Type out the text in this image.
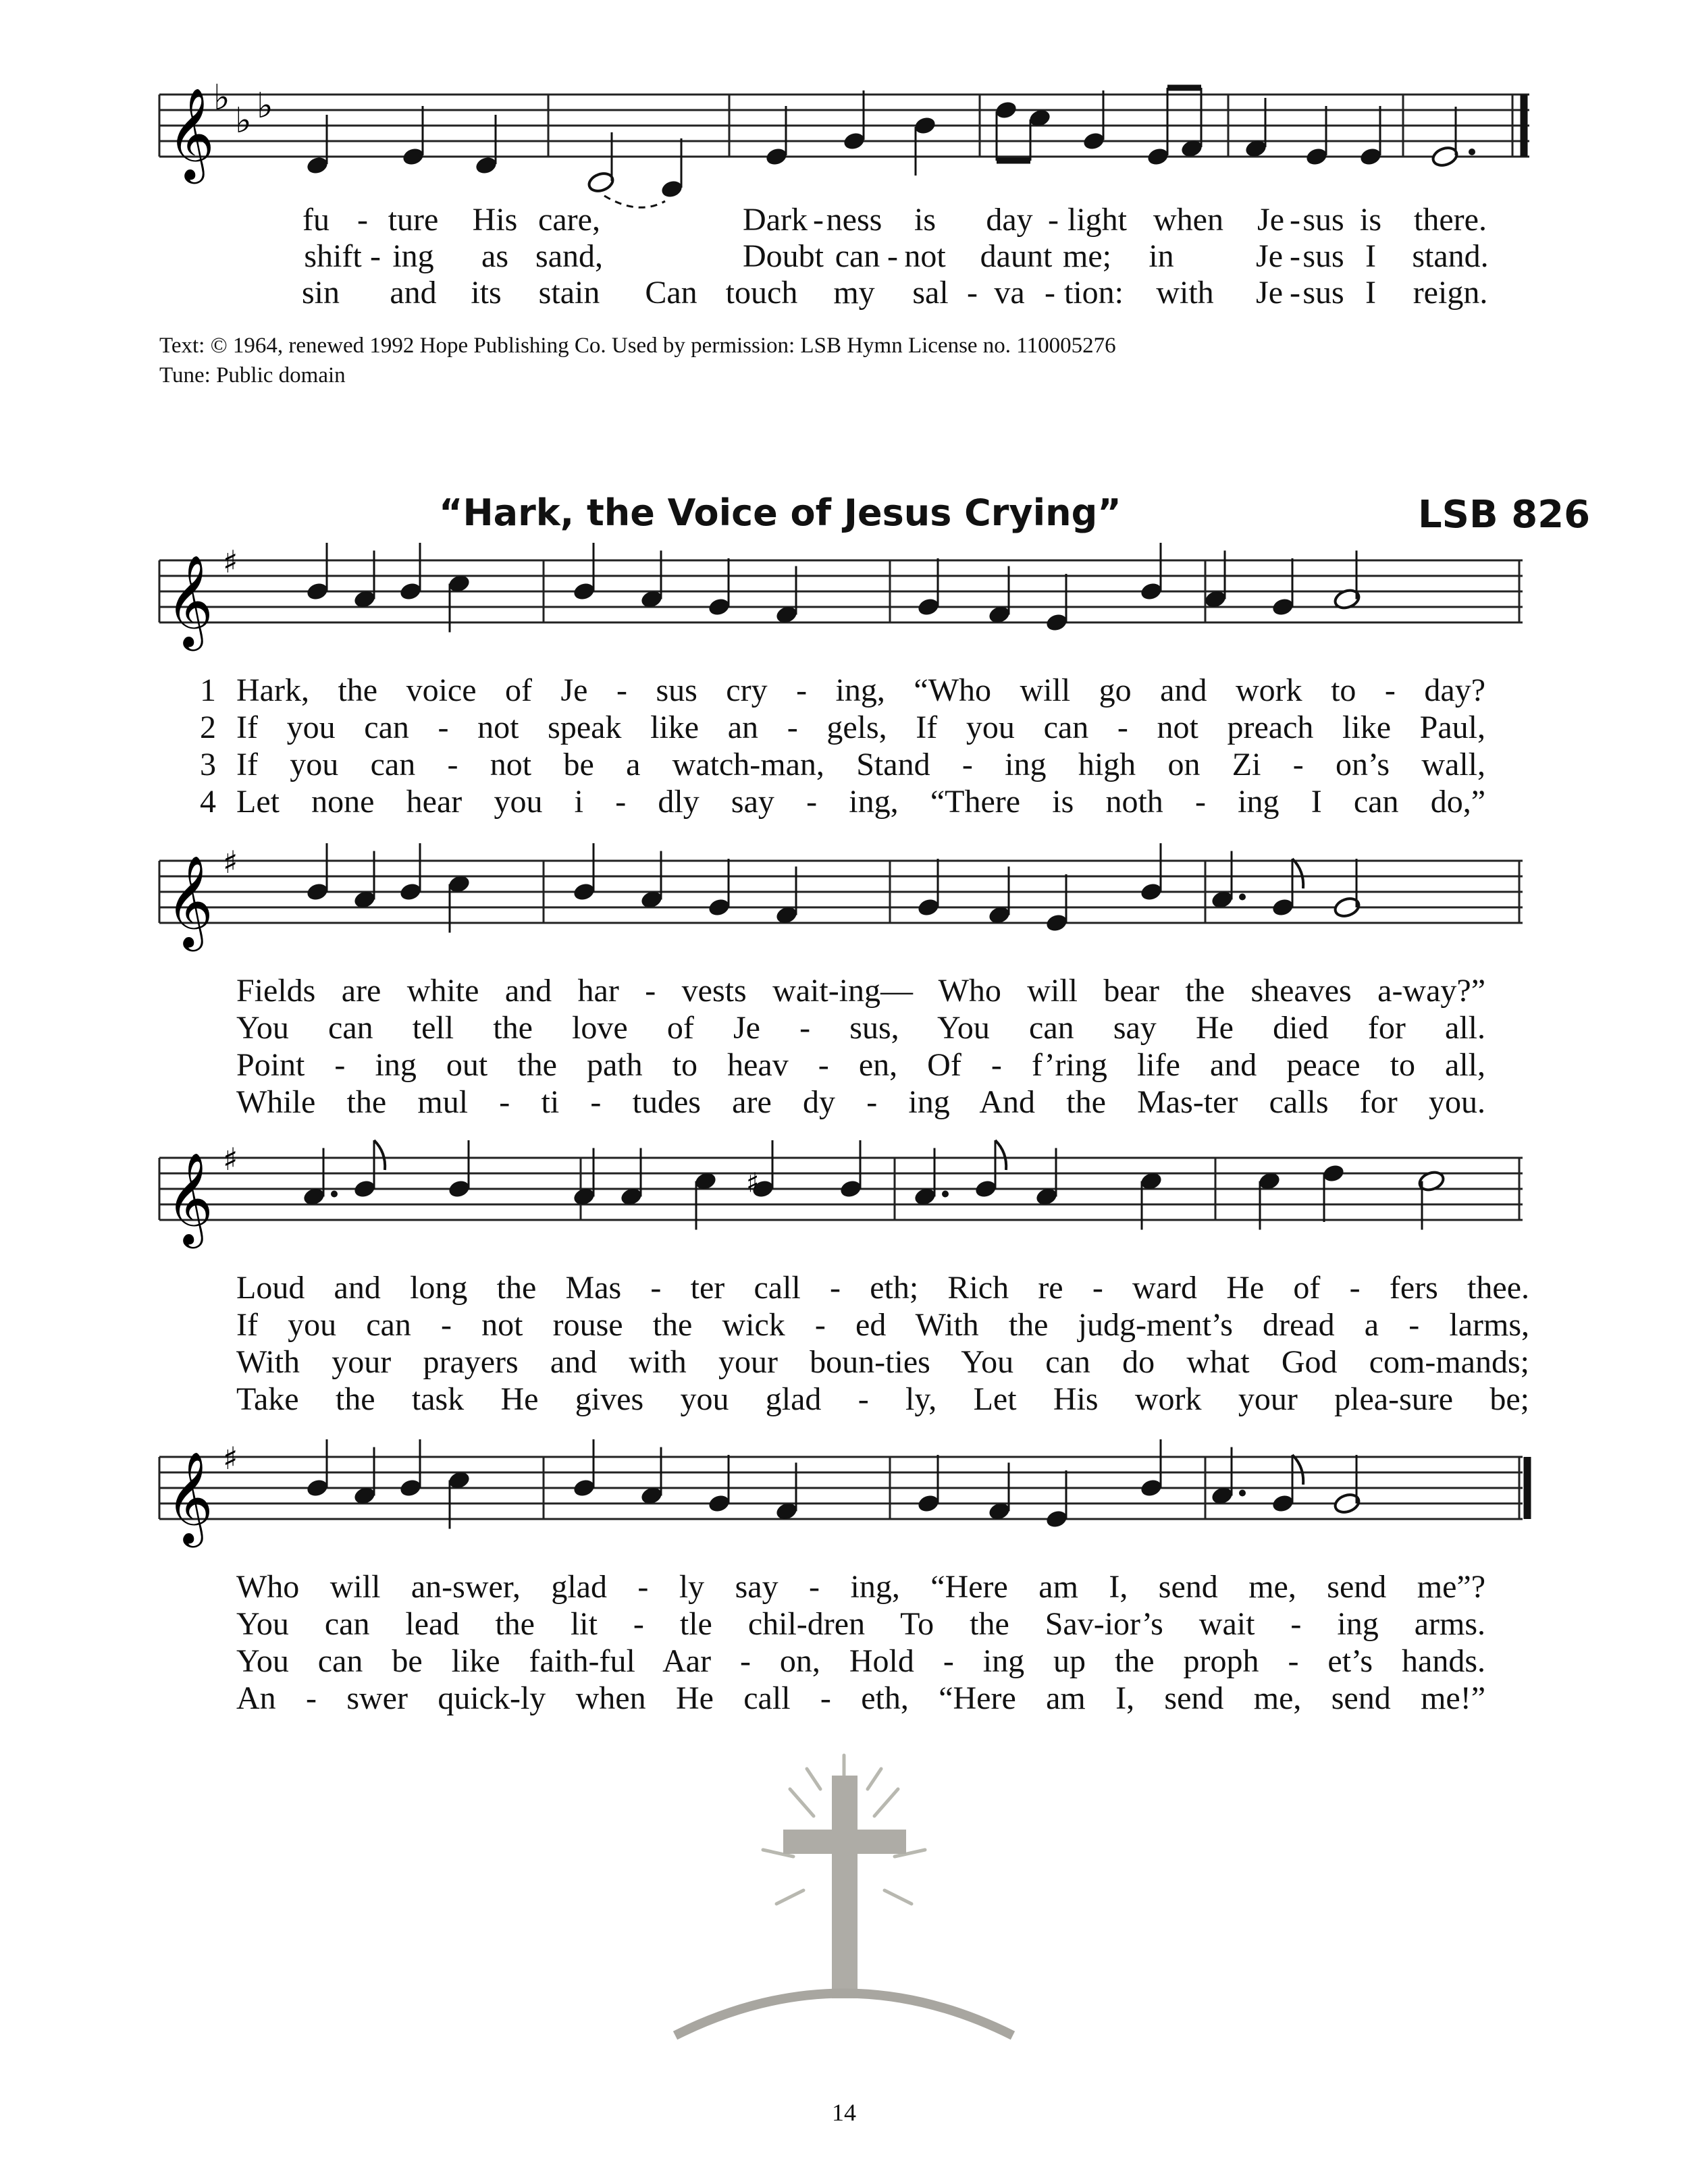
𝄞
♭
♭ ♭
fu - ture His care,	Dark - ness is day - light when Je - sus is there.
shift - ing as sand,	Doubt can - not daunt me; in	Je - sus I stand.
sin and its stain Can touch my sal - va - tion: with Je - sus I reign.
Text: © 1964, renewed 1992 Hope Publishing Co. Used by permission: LSB Hymn License no. 110005276
Tune: Public domain
“Hark, the Voice of Jesus Crying”	LSB 826
𝄞 ♯
1 Hark, the voice of Je - sus cry - ing, “Who will go and work to - day?
2 If you can - not speak like an - gels, If you can - not preach like Paul,
3 If you can - not be a watch-man, Stand - ing high on Zi - on’s wall,
4 Let none hear you i - dly say - ing, “There is noth - ing I can do,”
𝄞 ♯
Fields are white and har - vests wait-ing— Who will bear the sheaves a-way?”
You can tell the love of Je - sus, You can say He died for all.
Point - ing out the path to heav - en, Of - f’ring life and peace to all,
While the mul - ti - tudes are dy - ing And the Mas-ter calls for you.
𝄞 ♯
♯
Loud and long the Mas - ter call - eth; Rich re - ward He of - fers thee.
If you can - not rouse the wick - ed With the judg-ment’s dread a - larms,
With your prayers and with your boun-ties You can do what God com-mands;
Take the task He gives you glad - ly, Let His work your plea-sure be;
𝄞 ♯
Who will an-swer, glad - ly say - ing, “Here am I, send me, send me”?
You can lead the lit - tle chil-dren To the Sav-ior’s wait - ing arms.
You can be like faith-ful Aar - on, Hold - ing up the proph - et’s hands.
An - swer quick-ly when He call - eth, “Here am I, send me, send me!”
14
